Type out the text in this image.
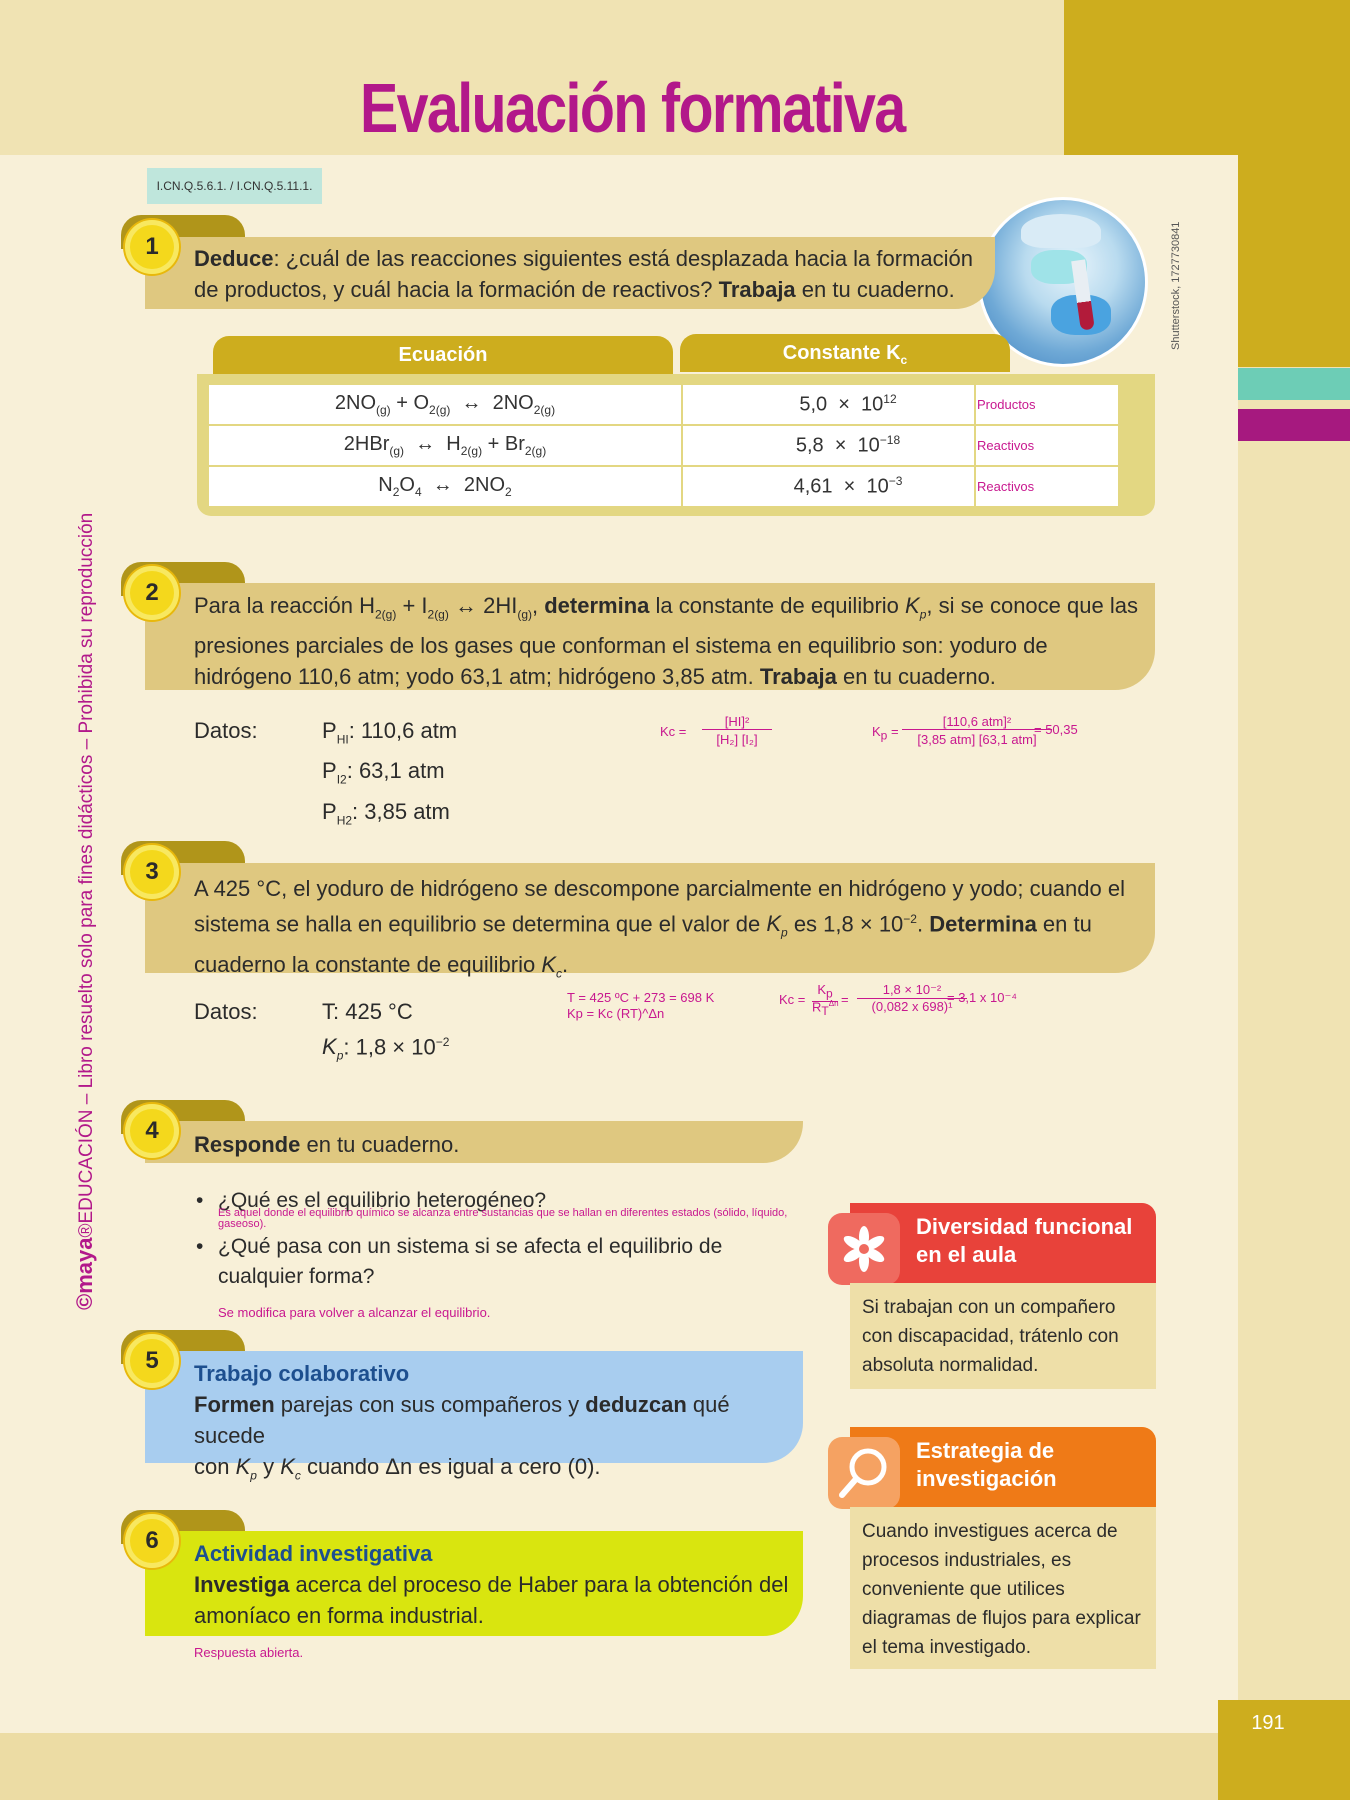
191
Evaluación formativa
I.CN.Q.5.6.1. / I.CN.Q.5.11.1.
©maya®EDUCACIÓN – Libro resuelto solo para fines didácticos – Prohibida su reproducción
Shutterstock, 1727730841
1	Deduce: ¿cuál de las reacciones siguientes está desplazada hacia la formación de productos, y cuál hacia la formación de reactivos? Trabaja en tu cuaderno.
Ecuación	Constante $K_c$
$2NO_{(g)} + O_{2(g)}$  ↔  $2NO_{2(g)}$	$5,0 \times 10^{12}$	Productos
2HBr$_{(g)}$  ↔  $H_{2(g)} + Br_{2(g)}$	$5,8 \times 10^{-18}$	Reactivos
$N_2O_4$  ↔  $2NO_2$	$4,61 \times 10^{-3}$	Reactivos
2	Para la reacción $H_{2(g)} + I_{2(g)}$ ↔ $2HI_{(g)}$, determina la constante de equilibrio $K_p$, si se conoce que las presiones parciales de los gases que conforman el sistema en equilibrio son: yoduro de hidrógeno 110,6 atm; yodo 63,1 atm; hidrógeno 3,85 atm. Trabaja en tu cuaderno.
Datos:	$P_{HI}$: 110,6 atm
$P_{I2}$: 63,1 atm
$P_{H2}$: 3,85 atm
Kc =
[HI]²
[H₂] [I₂]
$K_p$ =
[110,6 atm]²
[3,85 atm] [63,1 atm]
= 50,35
3
A 425 °C, el yoduro de hidrógeno se descompone parcialmente en hidrógeno y yodo; cuando el sistema se halla en equilibrio se determina que el valor de $K_p$ es $1,8 \times 10^{-2}$. Determina en tu cuaderno la constante de equilibrio $K_c$.
Datos:	T: 425 °C
$K_p$: $1,8 \times 10^{-2}$
T = 425 ºC + 273 = 698 K
Kp = Kc (RT)^Δn
Kc =
$K_p$
$R_T^{\Delta n}$ =
1,8 × 10⁻²
(0,082 x 698)¹
= 3,1 x 10⁻⁴
4
Responde en tu cuaderno.
• ¿Qué es el equilibrio heterogéneo?
Es aquel donde el equilibrio químico se alcanza entre sustancias que se hallan en diferentes estados (sólido, líquido, gaseoso).
• ¿Qué pasa con un sistema si se afecta el equilibrio de cualquier forma?
Se modifica para volver a alcanzar el equilibrio.
5	Trabajo colaborativo
Formen parejas con sus compañeros y deduzcan qué sucede
con $K_p$ y $K_c$ cuando Δn es igual a cero (0).
6	Actividad investigativa
Investiga acerca del proceso de Haber para la obtención del amoníaco en forma industrial.
Respuesta abierta.
Diversidad funcional en el aula
Si trabajan con un compañero con discapacidad, trátenlo con absoluta normalidad.
Estrategia de investigación
Cuando investigues acerca de procesos industriales, es conveniente que utilices diagramas de flujos para explicar el tema investigado.
